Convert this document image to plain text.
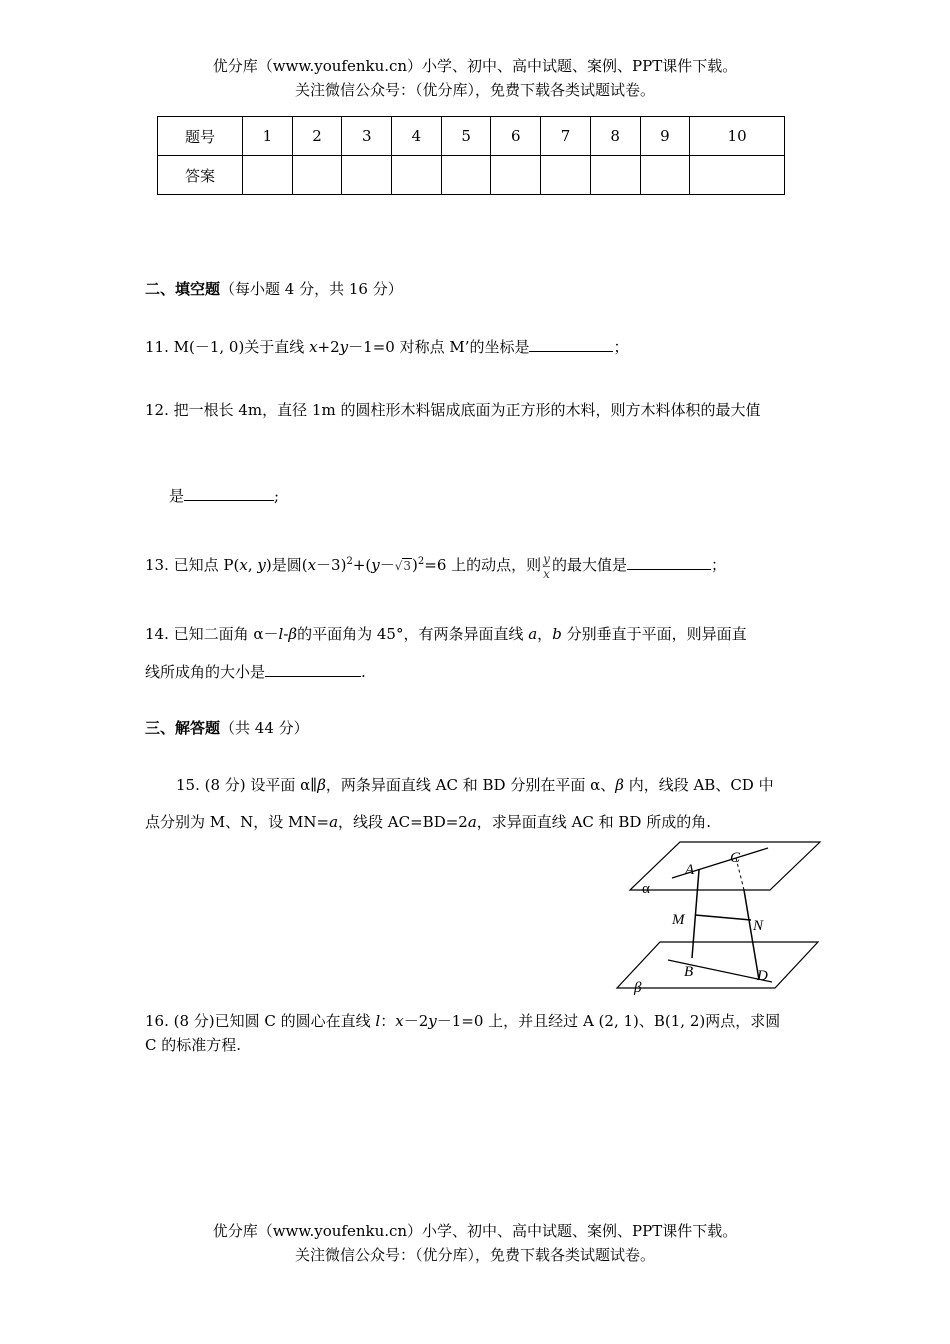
优分库（www.youfenku.cn）小学、初中、高中试题、案例、PPT课件下载。
关注微信公众号：（优分库），免费下载各类试题试卷。
题号	1	2	3	4	5	6	7	8	9	10
答案										
二、填空题（每小题 4 分，共 16 分）
11. M(－1, 0)关于直线 x+2y－1=0 对称点 M’的坐标是	；
12. 把一根长 4m，直径 1m 的圆柱形木料锯成底面为正方形的木料，则方木料体积的最大值
是	;
13. 已知点 P(x, y)是圆$(x-3)^2+(y-√3)^2=6$ 上的动点，则 $\frac{y}{x}$ 的最大值是	；
14. 已知二面角 α－l-β的平面角为 45°，有两条异面直线 a，b 分别垂直于平面，则异面直
线所成角的大小是	.
三、解答题（共 44 分）
15. (8 分) 设平面 α∥β，两条异面直线 AC 和 BD 分别在平面 α、β 内，线段 AB、CD 中
点分别为 M、N，设 MN=a，线段 AC=BD=2a，求异面直线 AC 和 BD 所成的角.
A
C
M	N
B	D
α
β
16. (8 分)已知圆 C 的圆心在直线 l：x－2y－1=0 上，并且经过 A (2, 1)、B(1, 2)两点，求圆
C 的标准方程.
优分库（www.youfenku.cn）小学、初中、高中试题、案例、PPT课件下载。
关注微信公众号：（优分库），免费下载各类试题试卷。
